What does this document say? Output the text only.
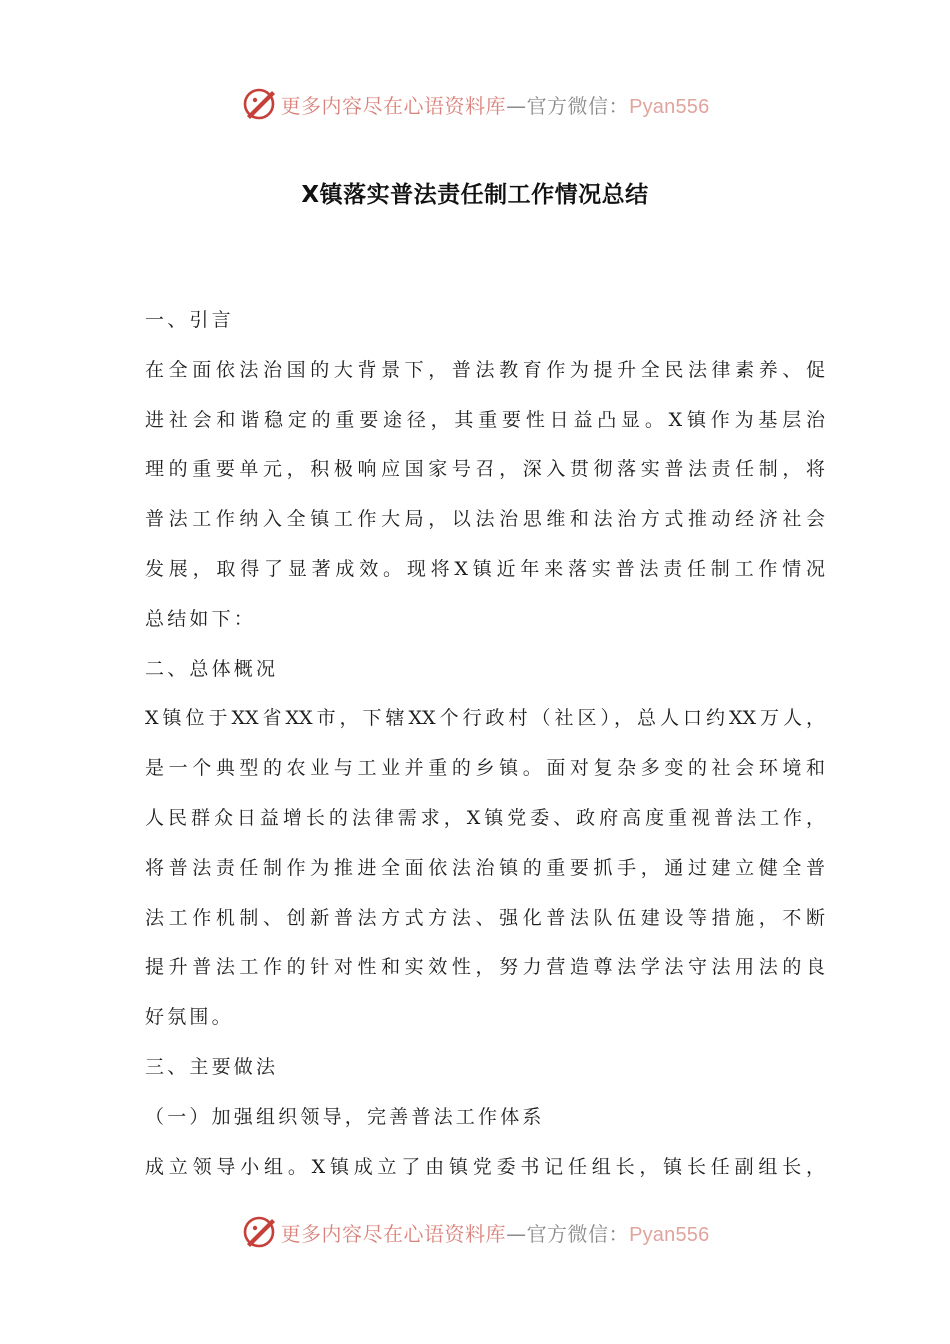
更多内容尽在心语资料库 — 官方微信： Pyan556
X镇落实普法责任制工作情况总结
一、引言
在全面依法治国的大背景下，普法教育作为提升全民法律素养、促
进社会和谐稳定的重要途径，其重要性日益凸显。X镇作为基层治
理的重要单元，积极响应国家号召，深入贯彻落实普法责任制，将
普法工作纳入全镇工作大局，以法治思维和法治方式推动经济社会
发展，取得了显著成效。现将X镇近年来落实普法责任制工作情况
总结如下：
二、总体概况
X镇位于XX省XX市，下辖XX个行政村（社区），总人口约XX万人，
是一个典型的农业与工业并重的乡镇。面对复杂多变的社会环境和
人民群众日益增长的法律需求，X镇党委、政府高度重视普法工作，
将普法责任制作为推进全面依法治镇的重要抓手，通过建立健全普
法工作机制、创新普法方式方法、强化普法队伍建设等措施，不断
提升普法工作的针对性和实效性，努力营造尊法学法守法用法的良
好氛围。
三、主要做法
（一）加强组织领导，完善普法工作体系
成立领导小组。X镇成立了由镇党委书记任组长，镇长任副组长，
更多内容尽在心语资料库 — 官方微信： Pyan556
